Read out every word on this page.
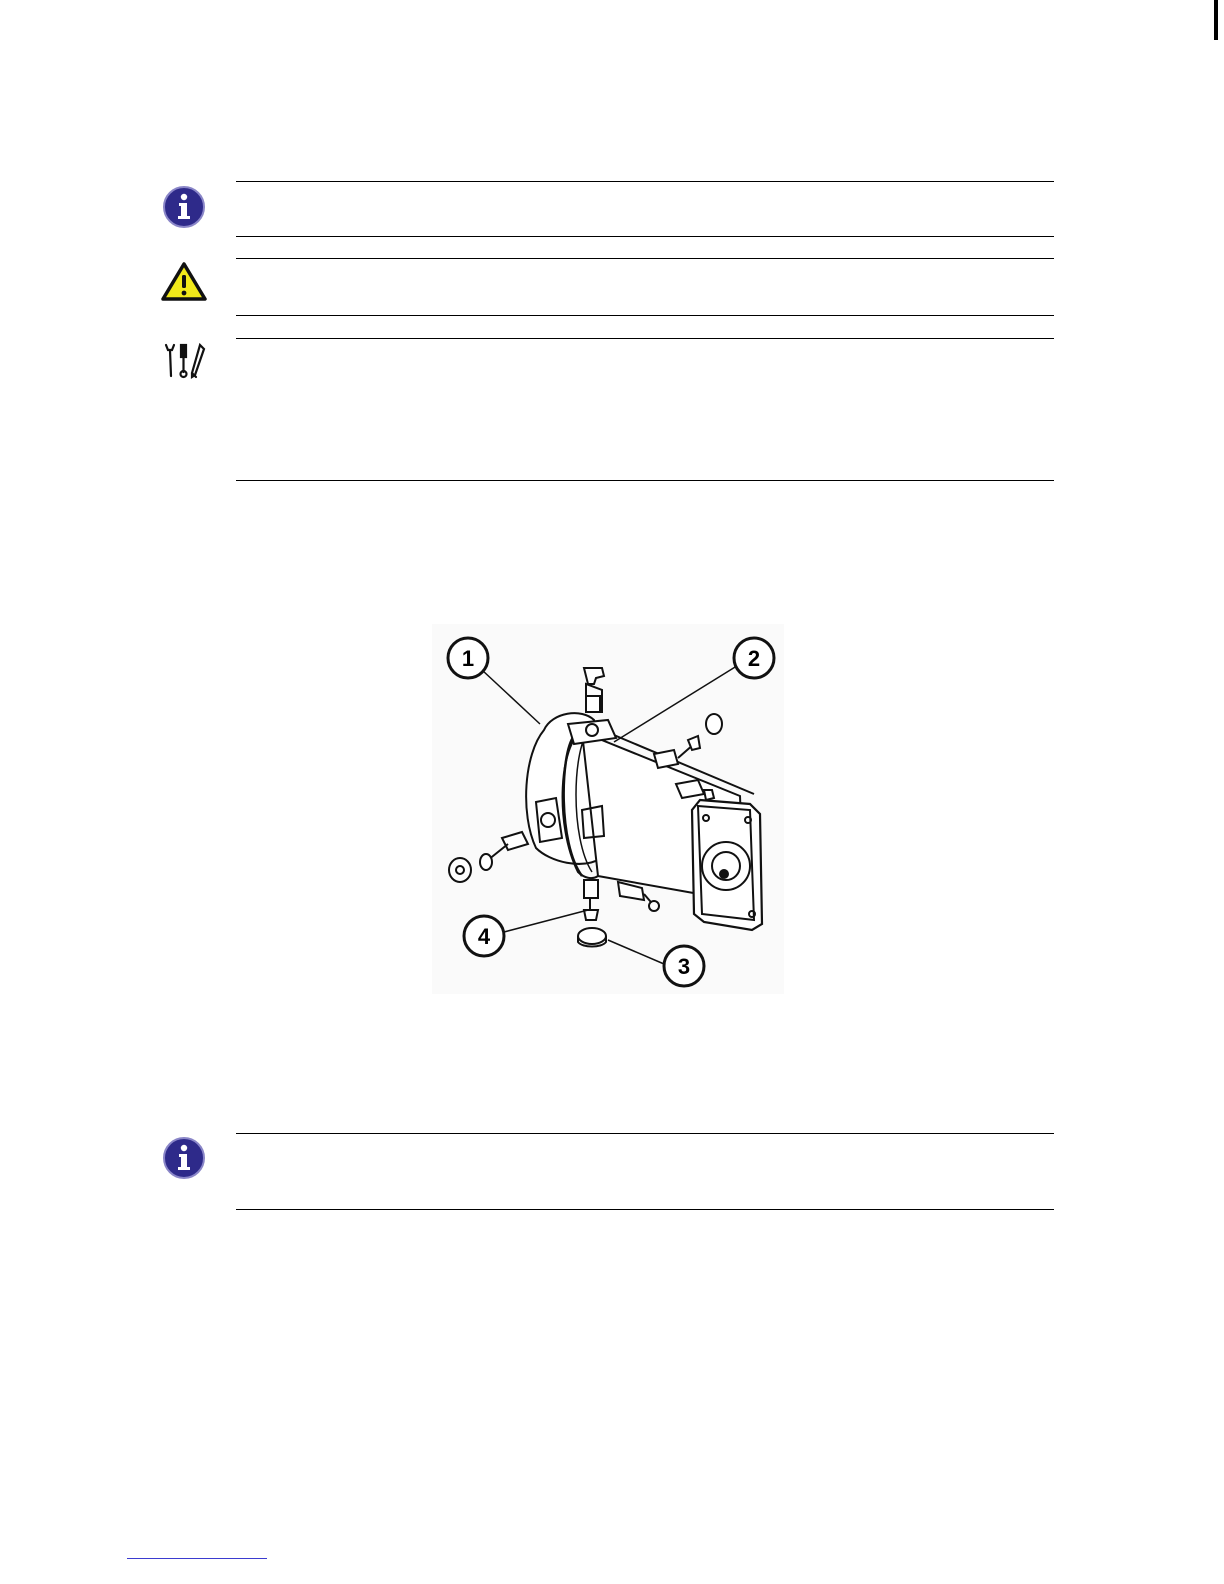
1	2
3
4
